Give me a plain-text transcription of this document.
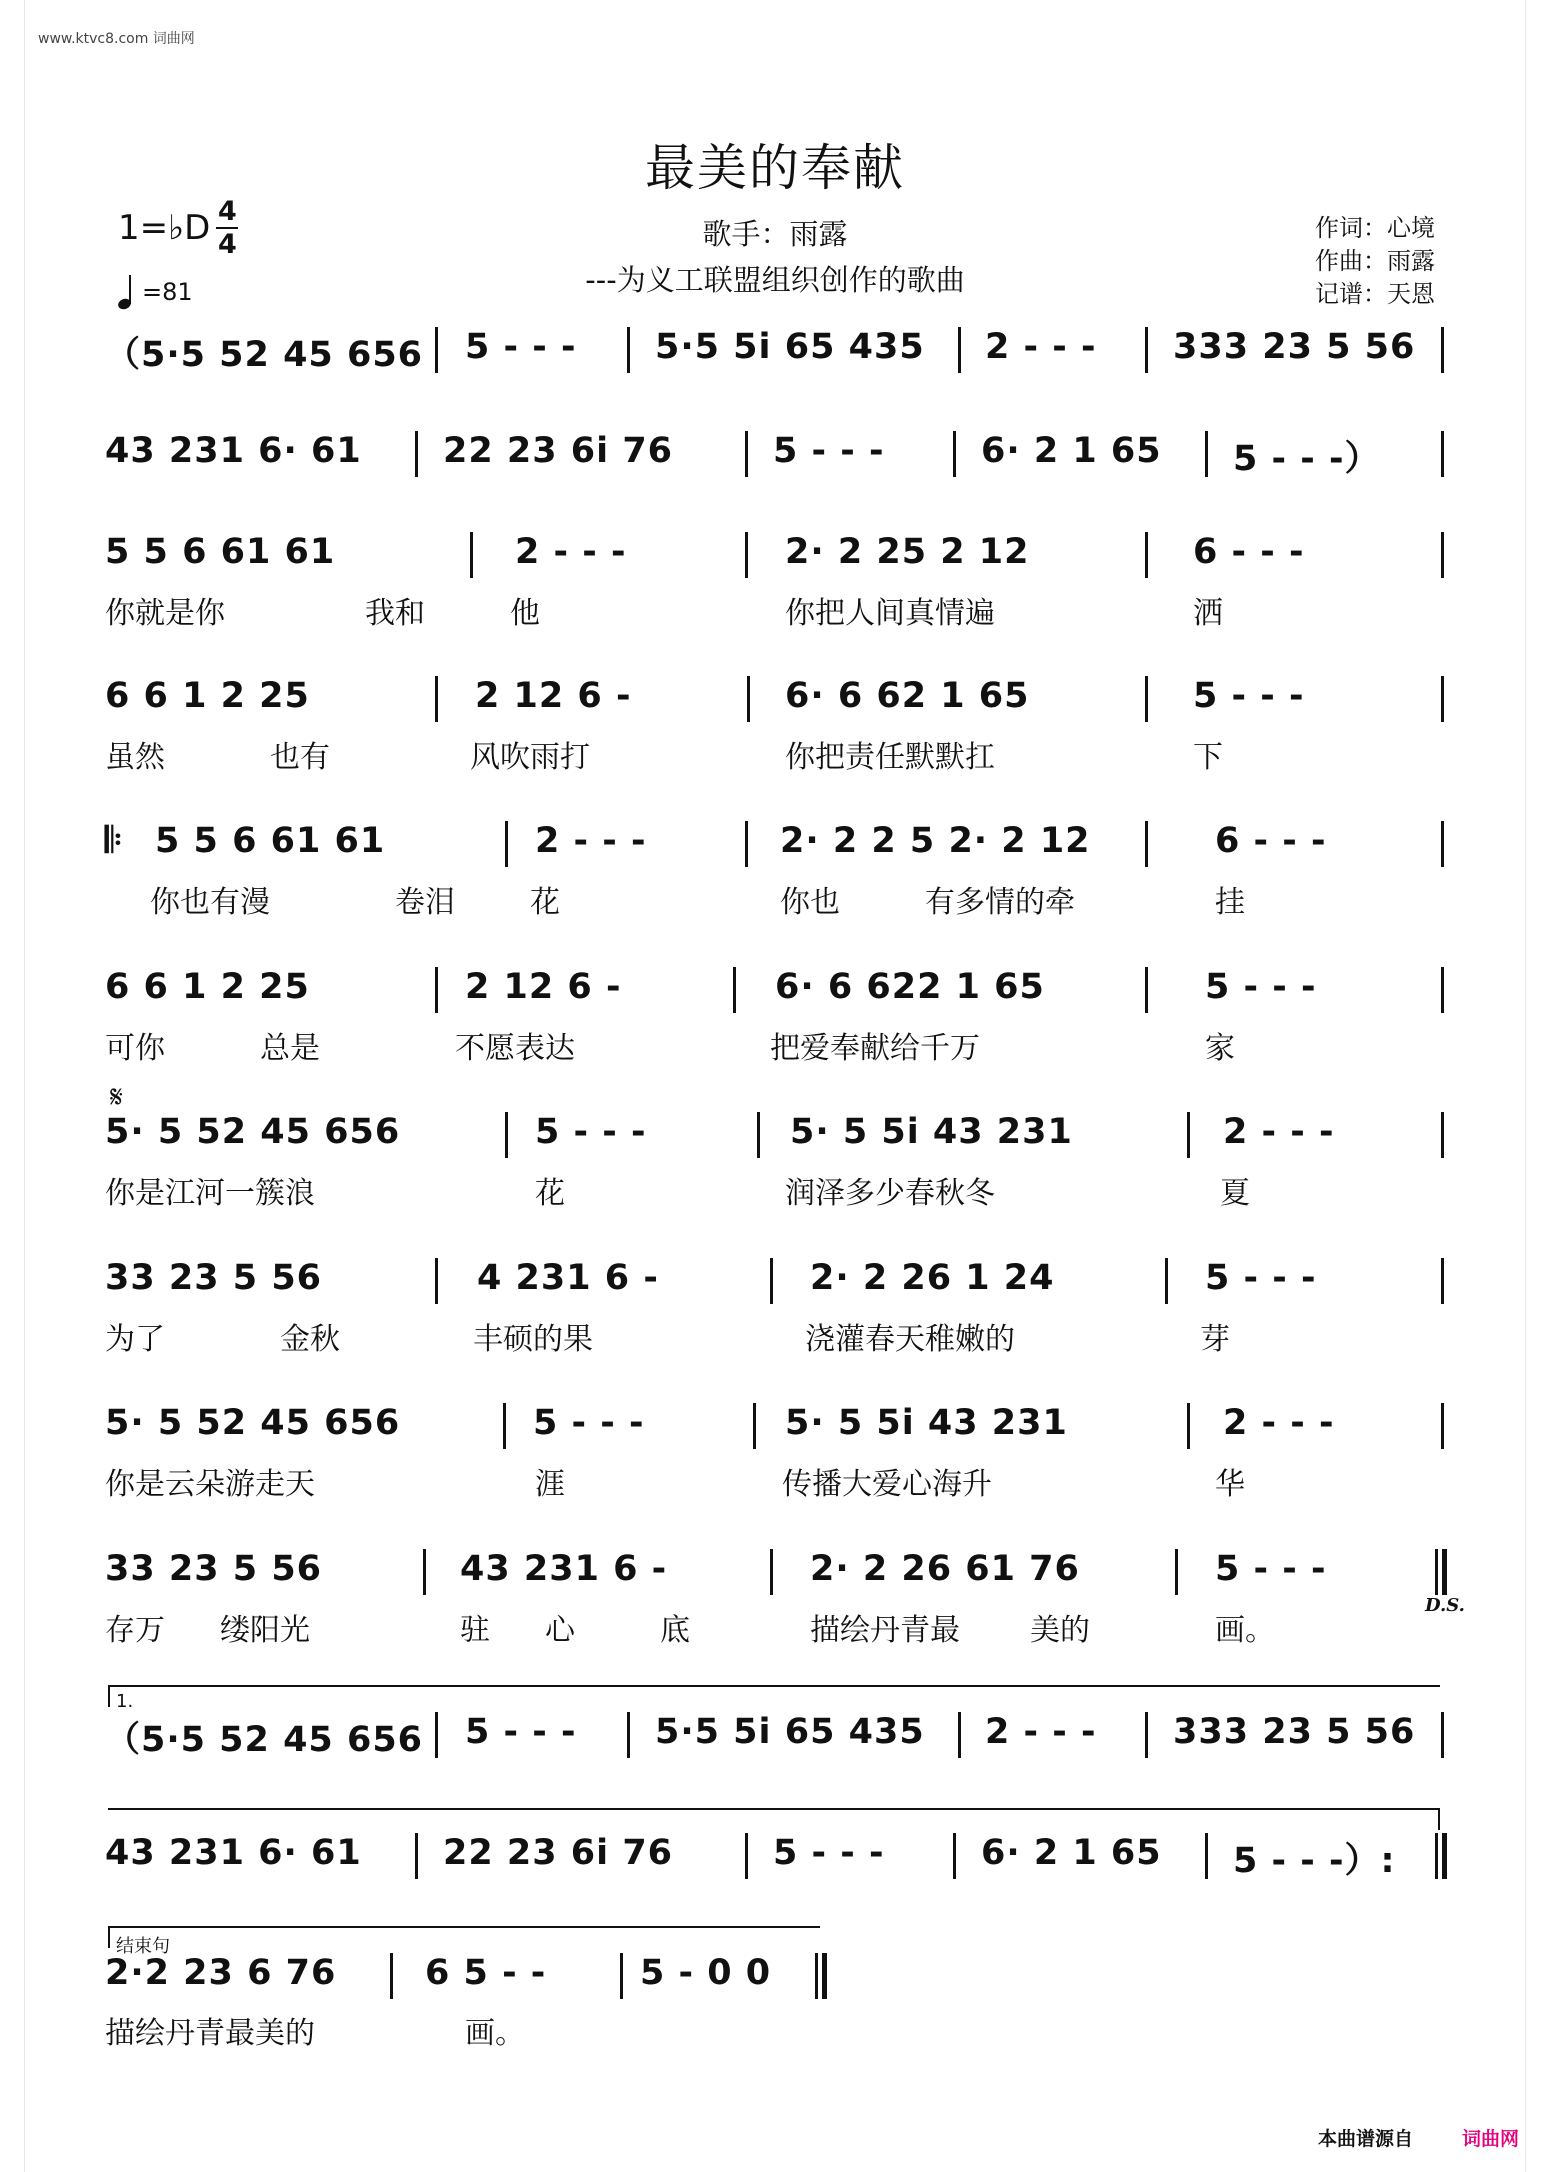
www.ktvc8.com 词曲网
最美的奉献
歌手：雨露
---为义工联盟组织创作的歌曲
作词：心境
作曲：雨露
记谱：天恩
1= ♭D $\frac{4}{4}$
=81
（5·5 52 45 656 5 - - - 5·5 5i 65 435 2 - - - 333 23 5 56
43 231 6· 61 22 23 6i 76	5 - - -	6· 2 1 65 5 - - -）
5 5 6 61 61	2 - - -	2· 2 25 2 12	6 - - -
你就是你	我和	他	你把人间真情遍	洒
6 6 1 2 25	2 12 6 -	6· 6 62 1 65	5 - - -
虽然	也有	风吹雨打	你把责任默默扛	下
𝄆 5 5 6 61 61	2 - - -	2· 2 2 5 2· 2 12	6 - - -
你也有漫	卷泪	花	你也	有多情的牵	挂
6 6 1 2 25	2 12 6 -	6· 6 622 1 65	5 - - -
可你	总是	不愿表达	把爱奉献给千万	家
𝄋
5· 5 52 45 656	5 - - -	5· 5 5i 43 231	2 - - -
你是江河一簇浪	花	润泽多少春秋冬	夏
33 23 5 56	4 231 6 -	2· 2 26 1 24	5 - - -
为了	金秋	丰硕的果	浇灌春天稚嫩的	芽
5· 5 52 45 656	5 - - -	5· 5 5i 43 231	2 - - -
你是云朵游走天	涯	传播大爱心海升	华
33 23 5 56	43 231 6 -	2· 2 26 61 76	5 - - -
存万 缕阳光	驻 心	底	描绘丹青最 美的	画。
D.S.
1.
（5·5 52 45 656 5 - - - 5·5 5i 65 435 2 - - - 333 23 5 56
43 231 6· 61 22 23 6i 76	5 - - -	6· 2 1 65 5 - - -）:
结束句
2·2 23 6 76	6 5 - -	5 - 0 0
描绘丹青最美的	画。
本曲谱源自	词曲网
